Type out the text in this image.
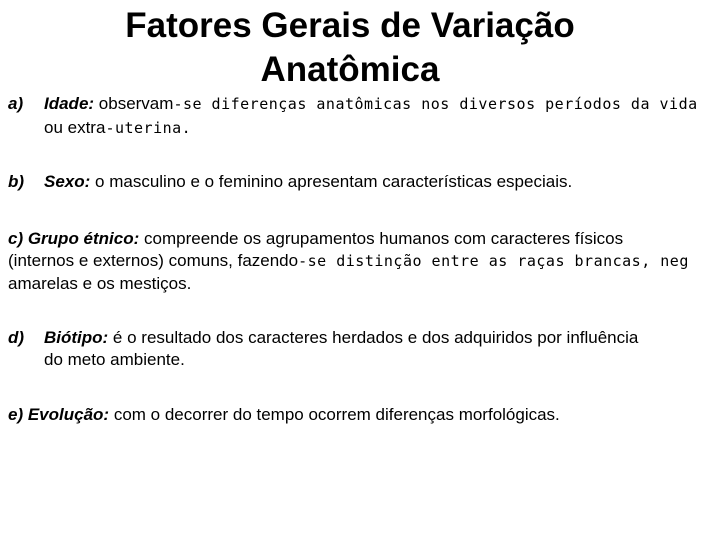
Fatores Gerais de Variação
Anatômica
a) Idade: observam-se diferenças anatômicas nos diversos períodos da vida
ou extra-uterina.
b) Sexo: o masculino e o feminino apresentam características especiais.
c) Grupo étnico: compreende os agrupamentos humanos com caracteres físicos
(internos e externos) comuns, fazendo-se distinção entre as raças brancas, neg
amarelas e os mestiços.
d) Biótipo: é o resultado dos caracteres herdados e dos adquiridos por influência
do meto ambiente.
e) Evolução: com o decorrer do tempo ocorrem diferenças morfológicas.
